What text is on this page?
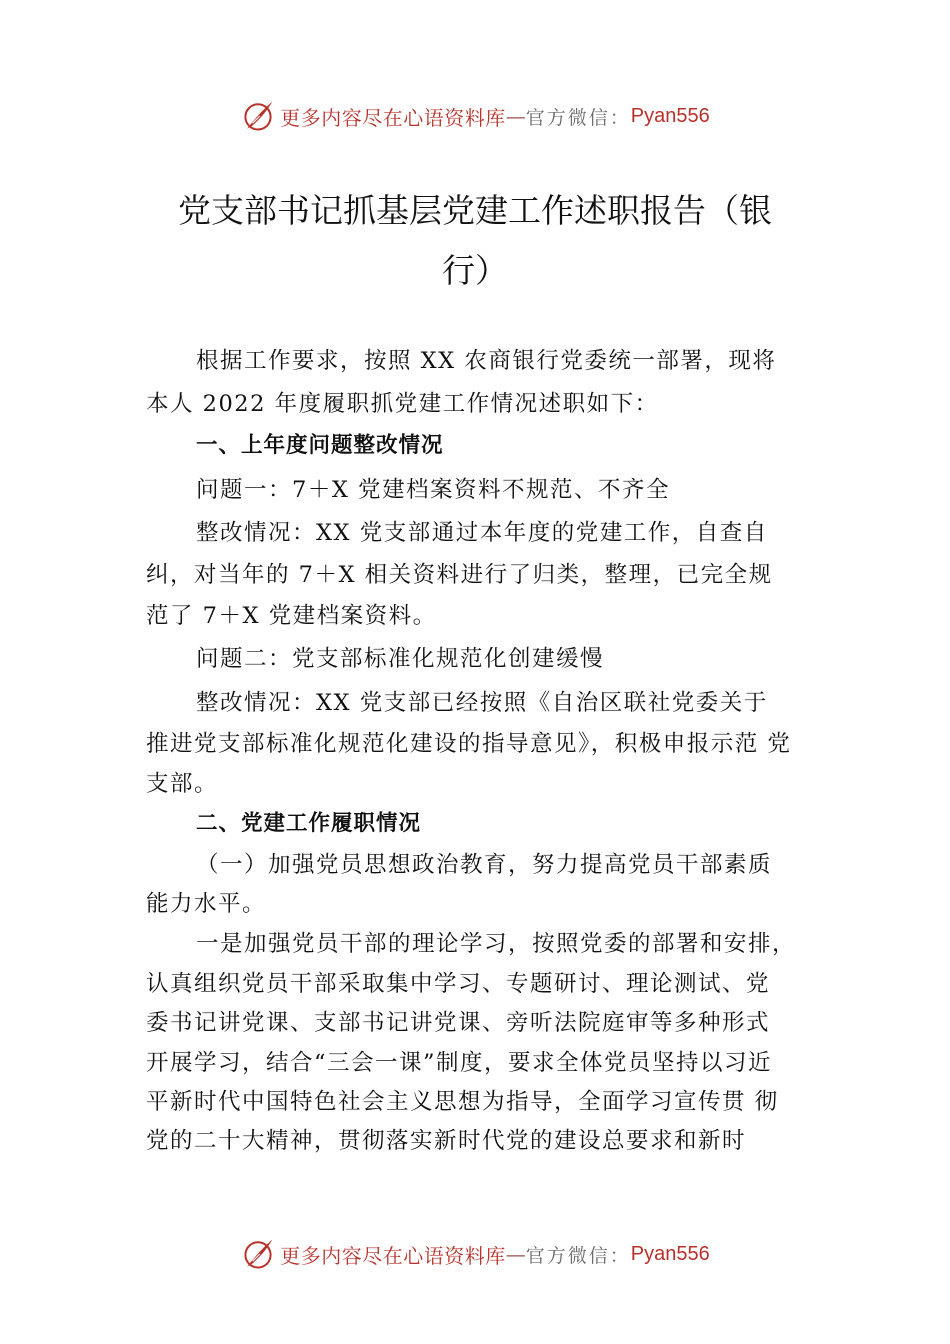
更多内容尽在心语资料库 — 官方微信： Pyan556
党支部书记抓基层党建工作述职报告（银
行）

根据工作要求，按照 XX 农商银行党委统一部署，现将

本人 2022 年度履职抓党建工作情况述职如下：

一、上年度问题整改情况

问题一：7＋X 党建档案资料不规范、不齐全

整改情况：XX 党支部通过本年度的党建工作，自查自

纠，对当年的 7＋X 相关资料进行了归类，整理，已完全规

范了 7＋X 党建档案资料。

问题二：党支部标准化规范化创建缓慢

整改情况：XX 党支部已经按照《自治区联社党委关于

推进党支部标准化规范化建设的指导意见》，积极申报示范 党

支部。

二、党建工作履职情况

（一）加强党员思想政治教育，努力提高党员干部素质

能力水平。

一是加强党员干部的理论学习，按照党委的部署和安排，

认真组织党员干部采取集中学习、专题研讨、理论测试、党

委书记讲党课、支部书记讲党课、旁听法院庭审等多种形式

开展学习，结合“三会一课”制度，要求全体党员坚持以习近

平新时代中国特色社会主义思想为指导，全面学习宣传贯 彻

党的二十大精神，贯彻落实新时代党的建设总要求和新时

更多内容尽在心语资料库 — 官方微信： Pyan556
